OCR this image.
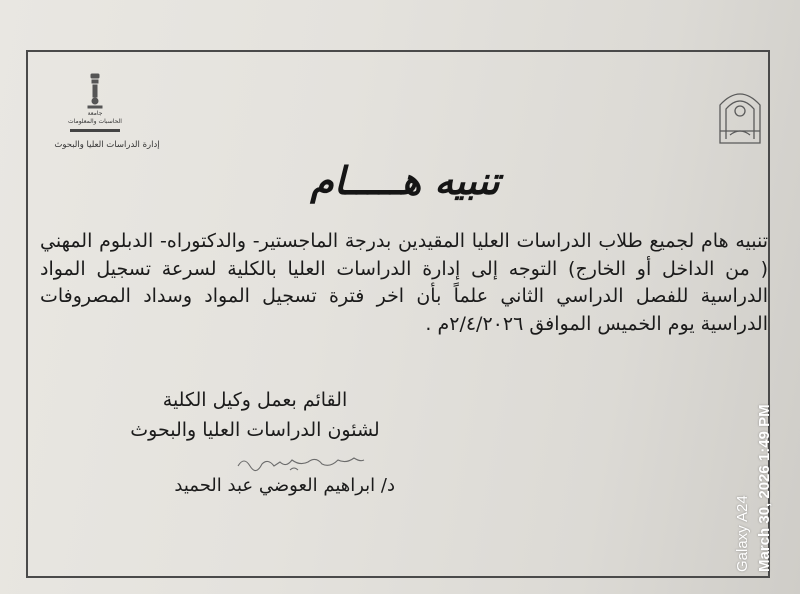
جامعة
الحاسبات والمعلومات
إدارة الدراسات العليا والبحوث
تنبيه هـــــام
تنبيه هام لجميع طلاب الدراسات العليا المقيدين بدرجة الماجستير- والدكتوراه- الدبلوم المهني ( من الداخل أو الخارج) التوجه إلى إدارة الدراسات العليا بالكلية لسرعة تسجيل المواد الدراسية للفصل الدراسي الثاني علماً بأن اخر فترة تسجيل المواد وسداد المصروفات الدراسية يوم الخميس الموافق ٢/٤/٢٠٢٦م .
القائم بعمل وكيل الكلية
لشئون الدراسات العليا والبحوث
د/ ابراهيم العوضي عبد الحميد
Galaxy A24 March 30, 2026 1:49 PM
